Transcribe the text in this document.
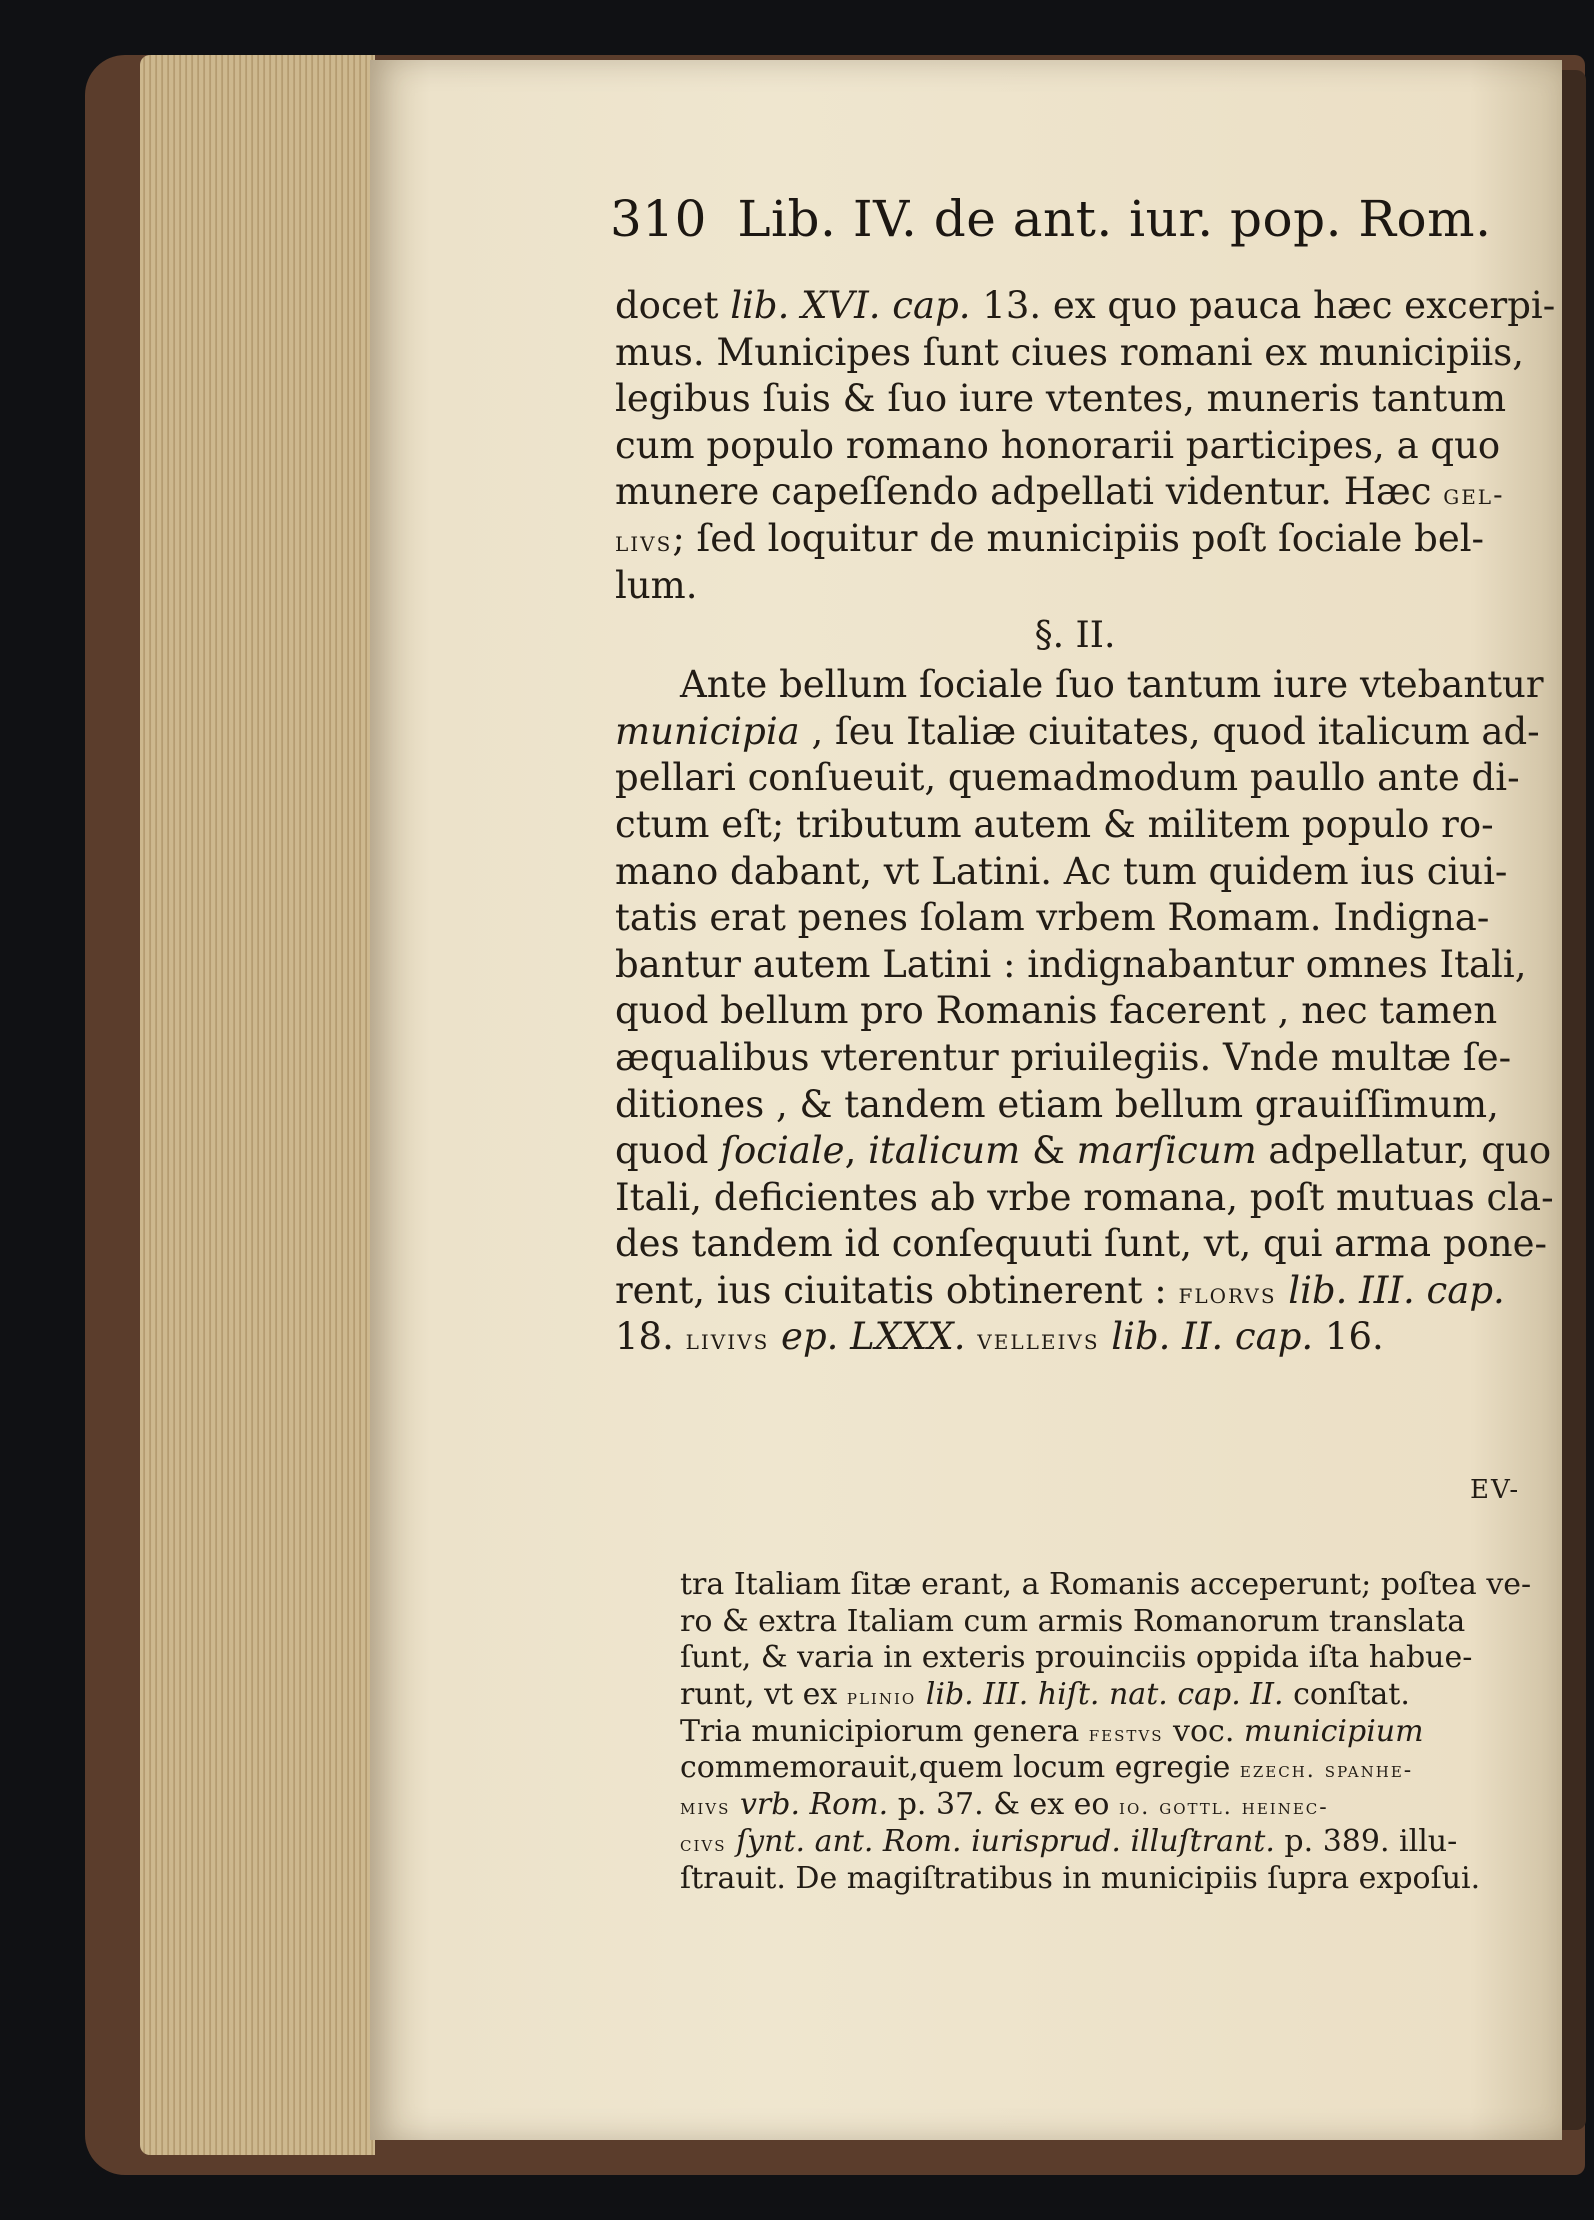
310 Lib. IV. de ant. iur. pop. Rom.
docet lib. XVI. cap. 13. ex quo pauca hæc excerpi-
mus. Municipes ſunt ciues romani ex municipiis,
legibus ſuis & ſuo iure vtentes, muneris tantum
cum populo romano honorarii participes, a quo
munere capeſſendo adpellati videntur. Hæc gel-
livs; ſed loquitur de municipiis poſt ſociale bel-
lum.
§. II.
Ante bellum ſociale ſuo tantum iure vtebantur
municipia , ſeu Italiæ ciuitates, quod italicum ad-
pellari conſueuit, quemadmodum paullo ante di-
ctum eſt; tributum autem & militem populo ro-
mano dabant, vt Latini. Ac tum quidem ius ciui-
tatis erat penes ſolam vrbem Romam. Indigna-
bantur autem Latini : indignabantur omnes Itali,
quod bellum pro Romanis facerent , nec tamen
æqualibus vterentur priuilegiis. Vnde multæ ſe-
ditiones , & tandem etiam bellum grauiſſimum,
quod ſociale, italicum & marſicum adpellatur, quo
Itali, deficientes ab vrbe romana, poſt mutuas cla-
des tandem id conſequuti ſunt, vt, qui arma pone-
rent, ius ciuitatis obtinerent : florvs lib. III. cap.
18. livivs ep. LXXX. velleivs lib. II. cap. 16.
EV-
tra Italiam ſitæ erant, a Romanis acceperunt; poſtea ve-
ro & extra Italiam cum armis Romanorum translata
ſunt, & varia in exteris prouinciis oppida iſta habue-
runt, vt ex plinio lib. III. hiſt. nat. cap. II. conſtat.
Tria municipiorum genera festvs voc. municipium
commemorauit,quem locum egregie ezech. spanhe-
mivs vrb. Rom. p. 37. & ex eo io. gottl. heinec-
civs ſynt. ant. Rom. iurisprud. illuſtrant. p. 389. illu-
ſtrauit. De magiſtratibus in municipiis ſupra expoſui.
